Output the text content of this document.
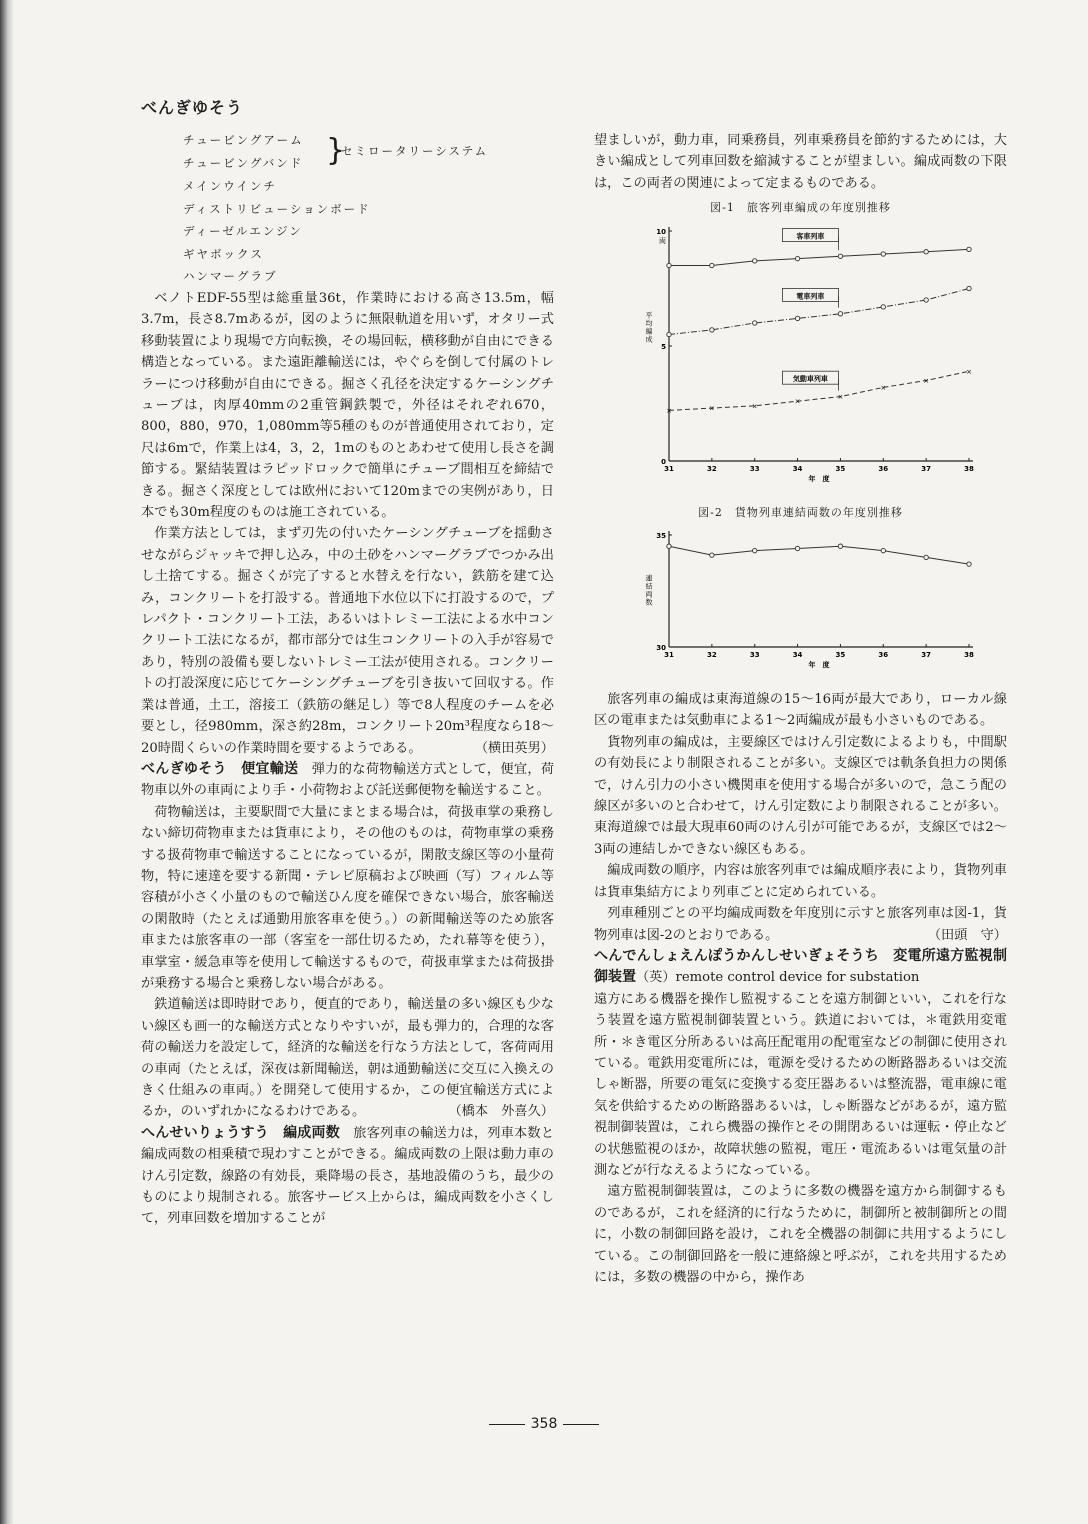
べんぎゆそう
チュービングアーム
チュービングバンド }
セミロータリーシステム
メインウインチ
ディストリビューションボード
ディーゼルエンジン
ギヤボックス
ハンマーグラブ

ベノトEDF-55型は総重量36t，作業時における高さ13.5m，幅3.7m，長さ8.7mあるが，図のように無限軌道を用いず，オタリー式移動装置により現場で方向転換，その場回転，横移動が自由にできる構造となっている。また遠距離輸送には，やぐらを倒して付属のトレラーにつけ移動が自由にできる。掘さく孔径を決定するケーシングチューブは，肉厚40mmの2重管鋼鉄製で，外径はそれぞれ670，800，880，970，1,080mm等5種のものが普通使用されており，定尺は6mで，作業上は4，3，2，1mのものとあわせて使用し長さを調節する。緊結装置はラピッドロックで簡単にチューブ間相互を締結できる。掘さく深度としては欧州において120mまでの実例があり，日本でも30m程度のものは施工されている。

作業方法としては，まず刃先の付いたケーシングチューブを揺動させながらジャッキで押し込み，中の土砂をハンマーグラブでつかみ出し土捨てする。掘さくが完了すると水替えを行ない，鉄筋を建て込み，コンクリートを打設する。普通地下水位以下に打設するので，プレパクト・コンクリート工法，あるいはトレミー工法による水中コンクリート工法になるが，都市部分では生コンクリートの入手が容易であり，特別の設備も要しないトレミー工法が使用される。コンクリートの打設深度に応じてケーシングチューブを引き抜いて回収する。作業は普通，土工，溶接工（鉄筋の継足し）等で8人程度のチームを必要とし，径980mm，深さ約28m，コンクリート20m³程度なら18～20時間くらいの作業時間を要するようである。	（横田英男）

べんぎゆそう　便宜輸送　弾力的な荷物輸送方式として，便宜，荷物車以外の車両により手・小荷物および託送郵便物を輸送すること。

荷物輸送は，主要駅間で大量にまとまる場合は，荷扱車掌の乗務しない締切荷物車または貨車により，その他のものは，荷物車掌の乗務する扱荷物車で輸送することになっているが，閑散支線区等の小量荷物，特に速達を要する新聞・テレビ原稿および映画（写）フィルム等容積が小さく小量のもので輸送ひん度を確保できない場合，旅客輸送の閑散時（たとえば通勤用旅客車を使う。）の新聞輸送等のため旅客車または旅客車の一部（客室を一部仕切るため，たれ幕等を使う），車掌室・緩急車等を使用して輸送するもので，荷扱車掌または荷扱掛が乗務する場合と乗務しない場合がある。

鉄道輸送は即時財であり，便直的であり，輸送量の多い線区も少ない線区も画一的な輸送方式となりやすいが，最も弾力的，合理的な客荷の輸送力を設定して，経済的な輸送を行なう方法として，客荷両用の車両（たとえば，深夜は新聞輸送，朝は通勤輸送に交互に入換えのきく仕組みの車両。）を開発して使用するか，この便宜輸送方式によるか，のいずれかになるわけである。	（橋本　外喜久）

へんせいりょうすう　編成両数　旅客列車の輸送力は，列車本数と編成両数の相乗積で現わすことができる。編成両数の上限は動力車のけん引定数，線路の有効長，乗降場の長さ，基地設備のうち，最少のものにより規制される。旅客サービス上からは，編成両数を小さくして，列車回数を増加することが

望ましいが，動力車，同乗務員，列車乗務員を節約するためには，大きい編成として列車回数を縮減することが望ましい。編成両数の下限は，この両者の関連によって定まるものである。

図-1　旅客列車編成の年度別推移
31	32	33	34	35	36	37	38
0
5
10
両
平均編成
年　度
客車列車
電車列車
×	×	×
×
×
×
×
×
気動車列車
図-2　貨物列車連結両数の年度別推移
31	32	33	34	35	36	37	38
30
35
連結両数
年　度

旅客列車の編成は東海道線の15～16両が最大であり，ローカル線区の電車または気動車による1～2両編成が最も小さいものである。

貨物列車の編成は，主要線区ではけん引定数によるよりも，中間駅の有効長により制限されることが多い。支線区では軌条負担力の関係で，けん引力の小さい機関車を使用する場合が多いので，急こう配の線区が多いのと合わせて，けん引定数により制限されることが多い。東海道線では最大現車60両のけん引が可能であるが，支線区では2～3両の連結しかできない線区もある。

編成両数の順序，内容は旅客列車では編成順序表により，貨物列車は貨車集結方により列車ごとに定められている。

列車種別ごとの平均編成両数を年度別に示すと旅客列車は図-1，貨物列車は図-2のとおりである。	（田頭　守）

へんでんしょえんぽうかんしせいぎょそうち　変電所遠方監視制御装置（英）remote control device for substation

遠方にある機器を操作し監視することを遠方制御といい，これを行なう装置を遠方監視制御装置という。鉄道においては，＊電鉄用変電所・＊き電区分所あるいは高圧配電用の配電室などの制御に使用されている。電鉄用変電所には，電源を受けるための断路器あるいは交流しゃ断器，所要の電気に変換する変圧器あるいは整流器，電車線に電気を供給するための断路器あるいは，しゃ断器などがあるが，遠方監視制御装置は，これら機器の操作とその開閉あるいは運転・停止などの状態監視のほか，故障状態の監視，電圧・電流あるいは電気量の計測などが行なえるようになっている。

遠方監視制御装置は，このように多数の機器を遠方から制御するものであるが，これを経済的に行なうために，制御所と被制御所との間に，小数の制御回路を設け，これを全機器の制御に共用するようにしている。この制御回路を一般に連絡線と呼ぶが，これを共用するためには，多数の機器の中から，操作あ

358
